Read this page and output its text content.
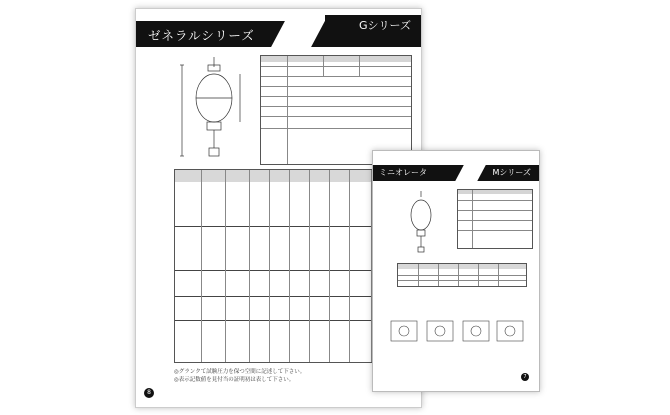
ゼネラルシリーズ
Gシリーズ
◎グランクて試験圧力を保つ空間に記述して下さい。
◎表示記数値を見付当の証明初は表して下さい。
8
ミニオレータ	Mシリーズ
7
